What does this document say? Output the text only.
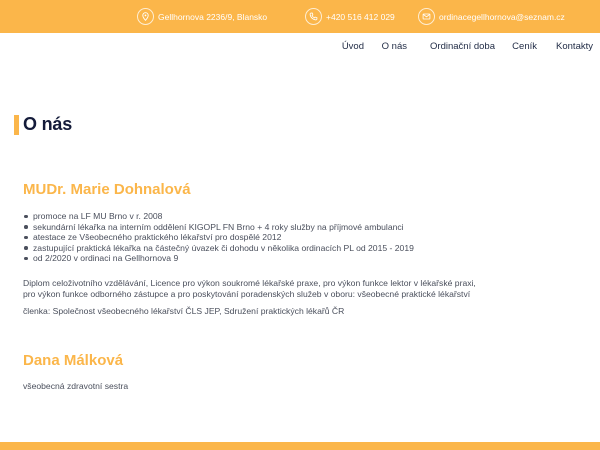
Gellhornova 2236/9, Blansko	+420 516 412 029	ordinacegellhornova@seznam.cz
Úvod O nás Ordinační doba Ceník Kontakty
O nás
MUDr. Marie Dohnalová
promoce na LF MU Brno v r. 2008
sekundární lékařka na interním oddělení KIGOPL FN Brno + 4 roky služby na příjmové ambulanci
atestace ze Všeobecného praktického lékařství pro dospělé 2012
zastupující praktická lékařka na částečný úvazek či dohodu v několika ordinacích PL od 2015 - 2019
od 2/2020 v ordinaci na Gellhornova 9

Diplom celoživotního vzdělávání, Licence pro výkon soukromé lékařské praxe, pro výkon funkce lektor v lékařské praxi,

pro výkon funkce odborného zástupce a pro poskytování poradenských služeb v oboru: všeobecné praktické lékařství

členka: Společnost všeobecného lékařství ČLS JEP, Sdružení praktických lékařů ČR

Dana Málková

všeobecná zdravotní sestra
